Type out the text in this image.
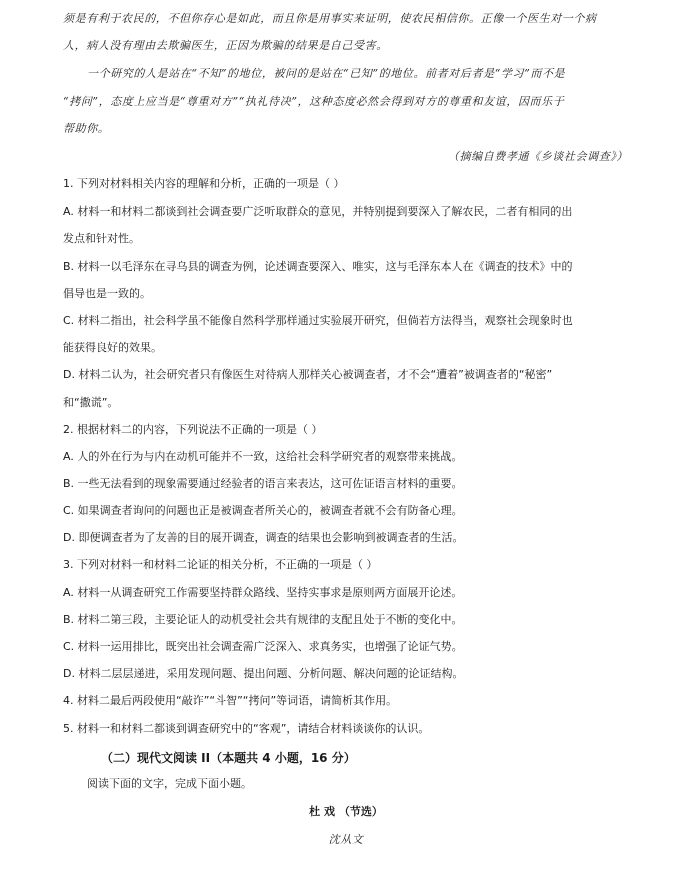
须是有利于农民的，不但你存心是如此，而且你是用事实来证明，使农民相信你。正像一个医生对一个病
人，病人没有理由去欺骗医生，正因为欺骗的结果是自己受害。
一个研究的人是站在“不知”的地位，被问的是站在“已知”的地位。前者对后者是“学习”而不是
“拷问”，态度上应当是“尊重对方”“执礼待决”，这种态度必然会得到对方的尊重和友谊，因而乐于
帮助你。
（摘编自费孝通《乡谈社会调查》）
1. 下列对材料相关内容的理解和分析，正确的一项是（ ）
A. 材料一和材料二都谈到社会调查要广泛听取群众的意见，并特别提到要深入了解农民，二者有相同的出
发点和针对性。
B. 材料一以毛泽东在寻乌县的调查为例，论述调查要深入、唯实，这与毛泽东本人在《调查的技术》中的
倡导也是一致的。
C. 材料二指出，社会科学虽不能像自然科学那样通过实验展开研究，但倘若方法得当，观察社会现象时也
能获得良好的效果。
D. 材料二认为，社会研究者只有像医生对待病人那样关心被调查者，才不会“遭着”被调查者的“秘密”
和“撒谎”。
2. 根据材料二的内容，下列说法不正确的一项是（ ）
A. 人的外在行为与内在动机可能并不一致，这给社会科学研究者的观察带来挑战。
B. 一些无法看到的现象需要通过经验者的语言来表达，这可佐证语言材料的重要。
C. 如果调查者询问的问题也正是被调查者所关心的，被调查者就不会有防备心理。
D. 即便调查者为了友善的目的展开调查，调查的结果也会影响到被调查者的生活。
3. 下列对材料一和材料二论证的相关分析，不正确的一项是（ ）
A. 材料一从调查研究工作需要坚持群众路线、坚持实事求是原则两方面展开论述。
B. 材料二第三段，主要论证人的动机受社会共有规律的支配且处于不断的变化中。
C. 材料一运用排比，既突出社会调查需广泛深入、求真务实，也增强了论证气势。
D. 材料二层层递进，采用发现问题、提出问题、分析问题、解决问题的论证结构。
4. 材料二最后两段使用“敲诈”“斗智”“拷问”等词语，请简析其作用。
5. 材料一和材料二都谈到调查研究中的“客观”，请结合材料谈谈你的认识。
（二）现代文阅读 II（本题共 4 小题，16 分）
阅读下面的文字，完成下面小题。
杜 戏 （节选）
沈从文
